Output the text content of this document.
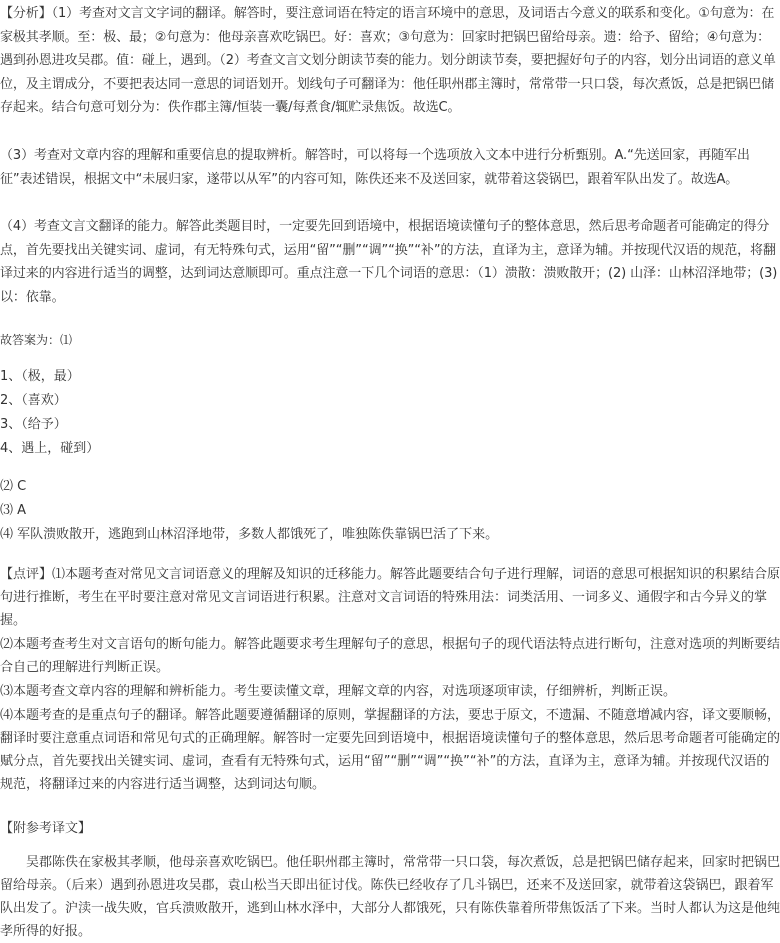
【分析】（1）考查对文言文字词的翻译。解答时，要注意词语在特定的语言环境中的意思，及词语古今意义的联系和变化。①句意为：在家极其孝顺。至：极、最；②句意为：他母亲喜欢吃锅巴。好：喜欢；③句意为：回家时把锅巴留给母亲。遗：给予、留给；④句意为：遇到孙恩进攻吴郡。值：碰上，遇到。（2）考查文言文划分朗读节奏的能力。划分朗读节奏，要把握好句子的内容，划分出词语的意义单位，及主谓成分，不要把表达同一意思的词语划开。划线句子可翻译为：他任职州郡主簿时，常常带一只口袋，每次煮饭，总是把锅巴储存起来。结合句意可划分为：佚作郡主簿/恒装一囊/每煮食/辄贮录焦饭。故选C。

（3）考查对文章内容的理解和重要信息的提取辨析。解答时，可以将每一个选项放入文本中进行分析甄别。A.“先送回家，再随军出征”表述错误，根据文中“未展归家，遂带以从军”的内容可知，陈佚还来不及送回家，就带着这袋锅巴，跟着军队出发了。故选A。

（4）考查文言文翻译的能力。解答此类题目时，一定要先回到语境中，根据语境读懂句子的整体意思，然后思考命题者可能确定的得分点，首先要找出关键实词、虚词，有无特殊句式，运用“留”“删”“调”“换”“补”的方法，直译为主，意译为辅。并按现代汉语的规范，将翻译过来的内容进行适当的调整，达到词达意顺即可。重点注意一下几个词语的意思：（1）溃散：溃败散开；(2) 山泽：山林沼泽地带；(3) 以：依靠。

故答案为：⑴

1、（极，最）

2、（喜欢）

3、（给予）

4、遇上，碰到）

⑵ C

⑶ A

⑷ 军队溃败散开，逃跑到山林沼泽地带，多数人都饿死了，唯独陈佚靠锅巴活了下来。

【点评】⑴本题考查对常见文言词语意义的理解及知识的迁移能力。解答此题要结合句子进行理解，词语的意思可根据知识的积累结合原句进行推断，考生在平时要注意对常见文言词语进行积累。注意对文言词语的特殊用法：词类活用、一词多义、通假字和古今异义的掌握。

⑵本题考查考生对文言语句的断句能力。解答此题要求考生理解句子的意思，根据句子的现代语法特点进行断句，注意对选项的判断要结合自己的理解进行判断正误。

⑶本题考查文章内容的理解和辨析能力。考生要读懂文章，理解文章的内容，对选项逐项审读，仔细辨析，判断正误。

⑷本题考查的是重点句子的翻译。解答此题要遵循翻译的原则，掌握翻译的方法，要忠于原文，不遗漏、不随意增减内容，译文要顺畅，翻译时要注意重点词语和常见句式的正确理解。解答时一定要先回到语境中，根据语境读懂句子的整体意思，然后思考命题者可能确定的赋分点，首先要找出关键实词、虚词，查看有无特殊句式，运用“留”“删”“调”“换”“补”的方法，直译为主，意译为辅。并按现代汉语的规范，将翻译过来的内容进行适当调整，达到词达句顺。

【附参考译文】

吴郡陈佚在家极其孝顺，他母亲喜欢吃锅巴。他任职州郡主簿时，常常带一只口袋，每次煮饭，总是把锅巴储存起来，回家时把锅巴留给母亲。（后来）遇到孙恩进攻吴郡，袁山松当天即出征讨伐。陈佚已经收存了几斗锅巴，还来不及送回家，就带着这袋锅巴，跟着军队出发了。沪渎一战失败，官兵溃败散开，逃到山林水泽中，大部分人都饿死，只有陈佚靠着所带焦饭活了下来。当时人都认为这是他纯孝所得的好报。
